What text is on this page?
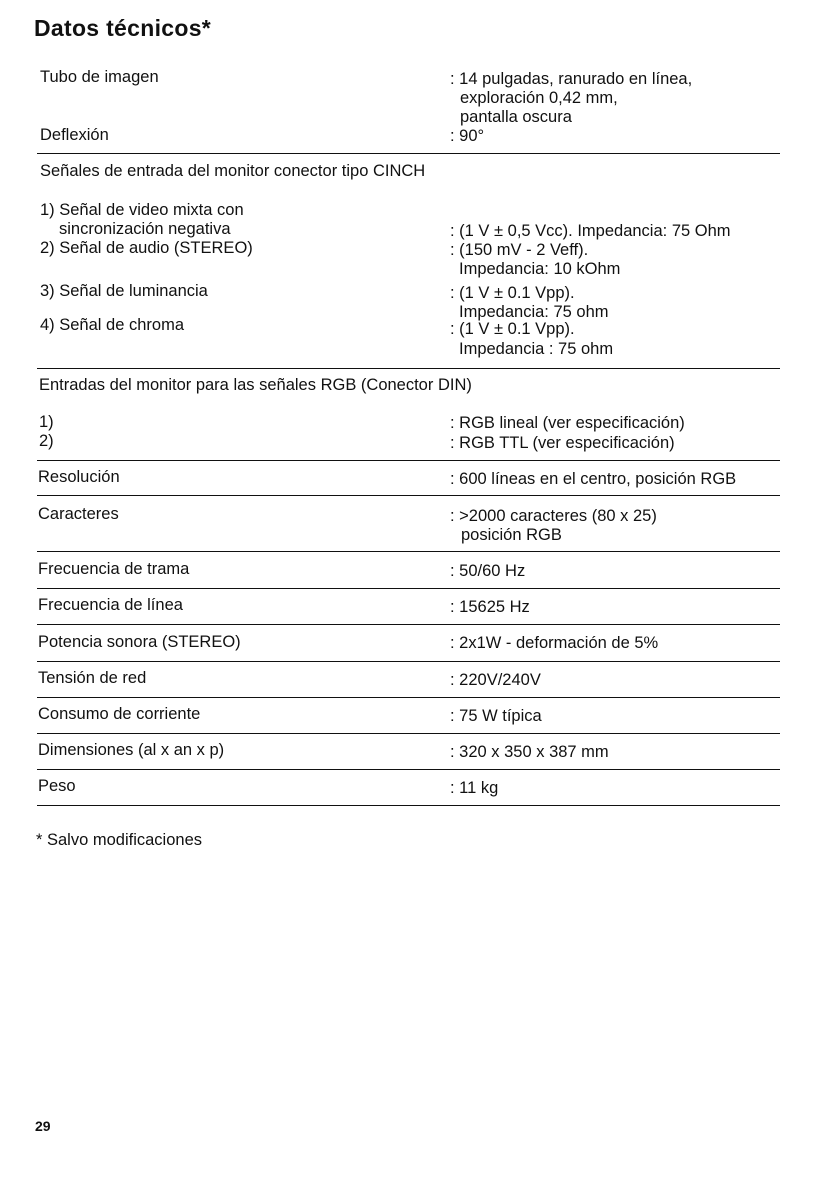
Datos técnicos*
Tubo de imagen	: 14 pulgadas, ranurado en línea,
exploración 0,42 mm,
pantalla oscura
Deflexión	: 90°
Señales de entrada del monitor conector tipo CINCH
1) Señal de video mixta con
sincronización negativa	: (1 V ± 0,5 Vcc). Impedancia: 75 Ohm
2) Señal de audio (STEREO)	: (150 mV - 2 Veff).
Impedancia: 10 kOhm
3) Señal de luminancia	: (1 V ± 0.1 Vpp).
Impedancia: 75 ohm
4) Señal de chroma	: (1 V ± 0.1 Vpp).
Impedancia : 75 ohm
Entradas del monitor para las señales RGB (Conector DIN)
1)	: RGB lineal (ver especificación)
2)	: RGB TTL (ver especificación)
Resolución	: 600 líneas en el centro, posición RGB
Caracteres	: >2000 caracteres (80 x 25)
posición RGB
Frecuencia de trama	: 50/60 Hz
Frecuencia de línea	: 15625 Hz
Potencia sonora (STEREO)	: 2x1W - deformación de 5%
Tensión de red	: 220V/240V
Consumo de corriente	: 75 W típica
Dimensiones (al x an x p)	: 320 x 350 x 387 mm
Peso	: 11 kg
* Salvo modificaciones
29
